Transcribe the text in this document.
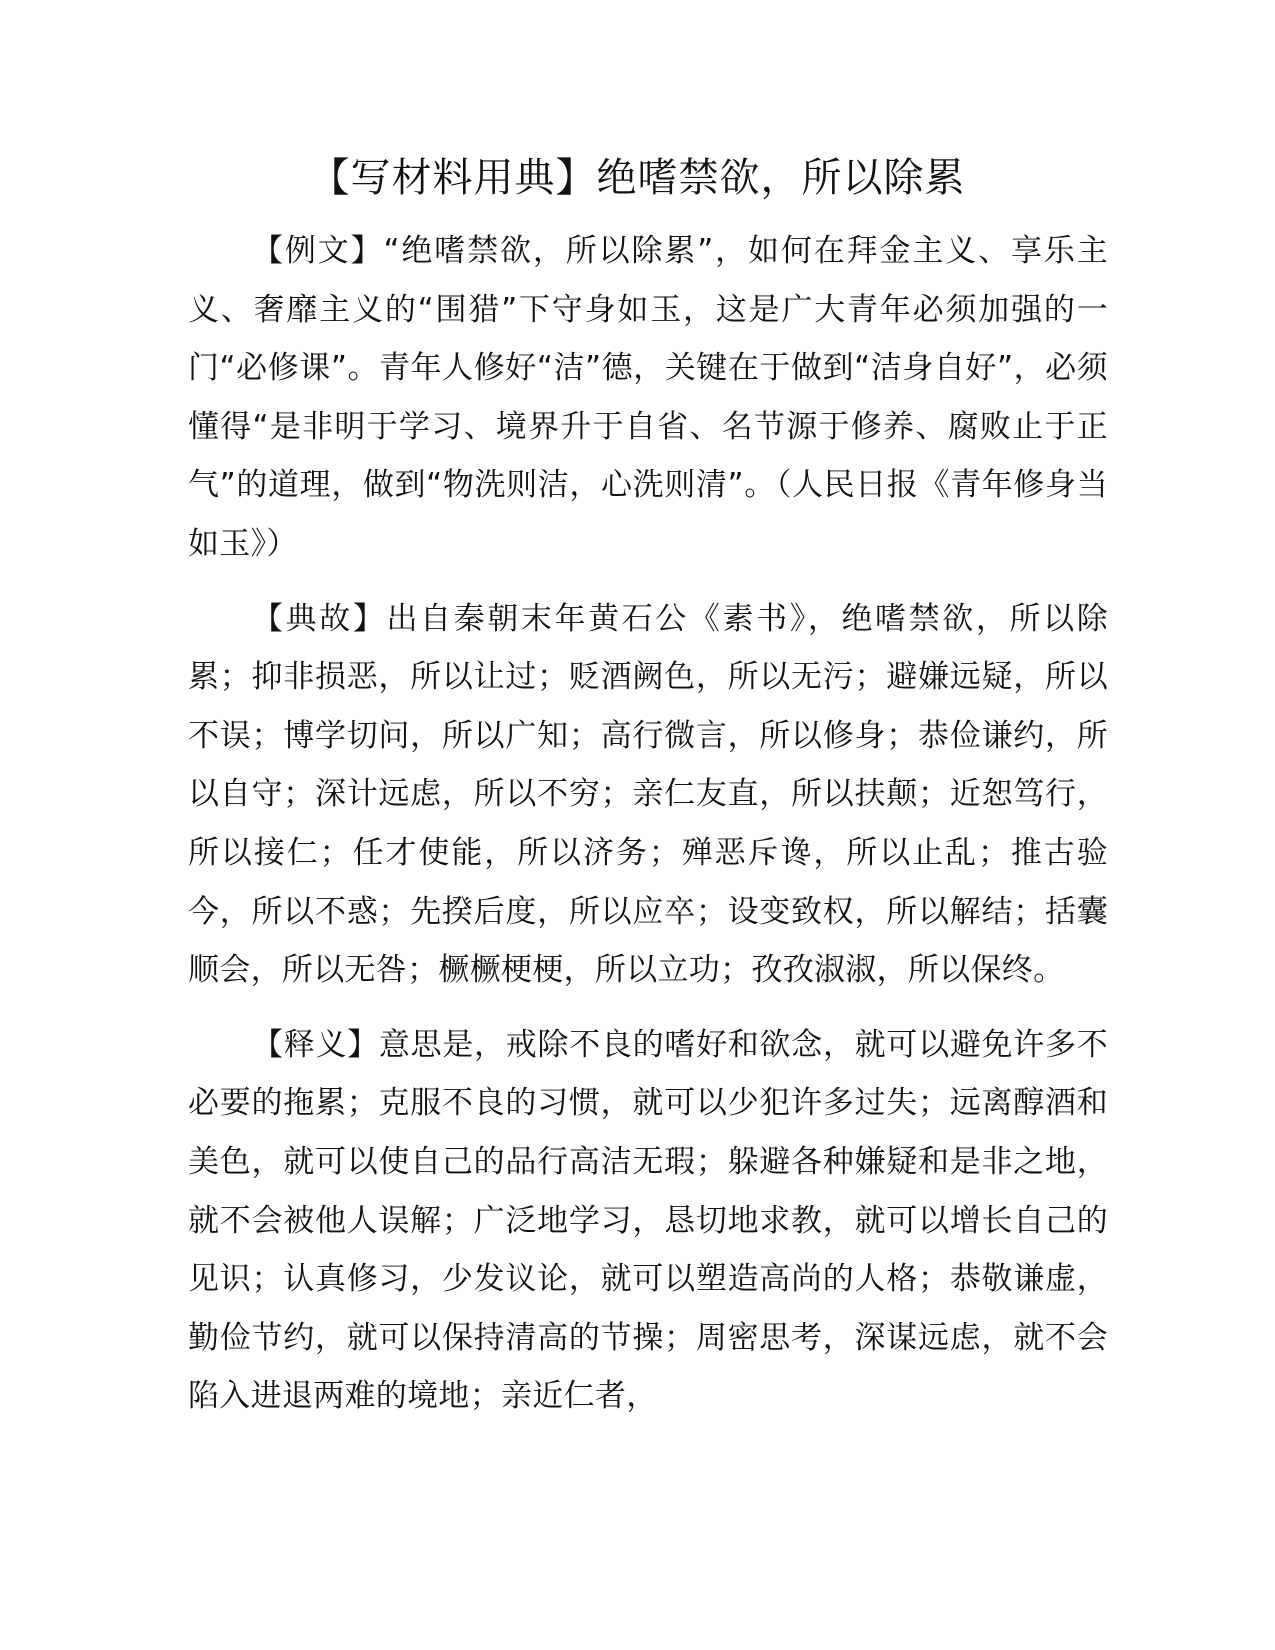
【写材料用典】绝嗜禁欲，所以除累

【例文】“绝嗜禁欲，所以除累”，如何在拜金主义、享乐主义、奢靡主义的“围猎”下守身如玉，这是广大青年必须加强的一门“必修课”。青年人修好“洁”德，关键在于做到“洁身自好”，必须懂得“是非明于学习、境界升于自省、名节源于修养、腐败止于正气”的道理，做到“物洗则洁，心洗则清”。（人民日报《青年修身当如玉》）

【典故】出自秦朝末年黄石公《素书》，绝嗜禁欲，所以除累；抑非损恶，所以让过；贬酒阙色，所以无污；避嫌远疑，所以不误；博学切问，所以广知；高行微言，所以修身；恭俭谦约，所以自守；深计远虑，所以不穷；亲仁友直，所以扶颠；近恕笃行，所以接仁；任才使能，所以济务；殚恶斥谗，所以止乱；推古验今，所以不惑；先揆后度，所以应卒；设变致权，所以解结；括囊顺会，所以无咎；橛橛梗梗，所以立功；孜孜淑淑，所以保终。

【释义】意思是，戒除不良的嗜好和欲念，就可以避免许多不必要的拖累；克服不良的习惯，就可以少犯许多过失；远离醇酒和美色，就可以使自己的品行高洁无瑕；躲避各种嫌疑和是非之地，就不会被他人误解；广泛地学习，恳切地求教，就可以增长自己的见识；认真修习，少发议论，就可以塑造高尚的人格；恭敬谦虚，勤俭节约，就可以保持清高的节操；周密思考，深谋远虑，就不会陷入进退两难的境地；亲近仁者，
